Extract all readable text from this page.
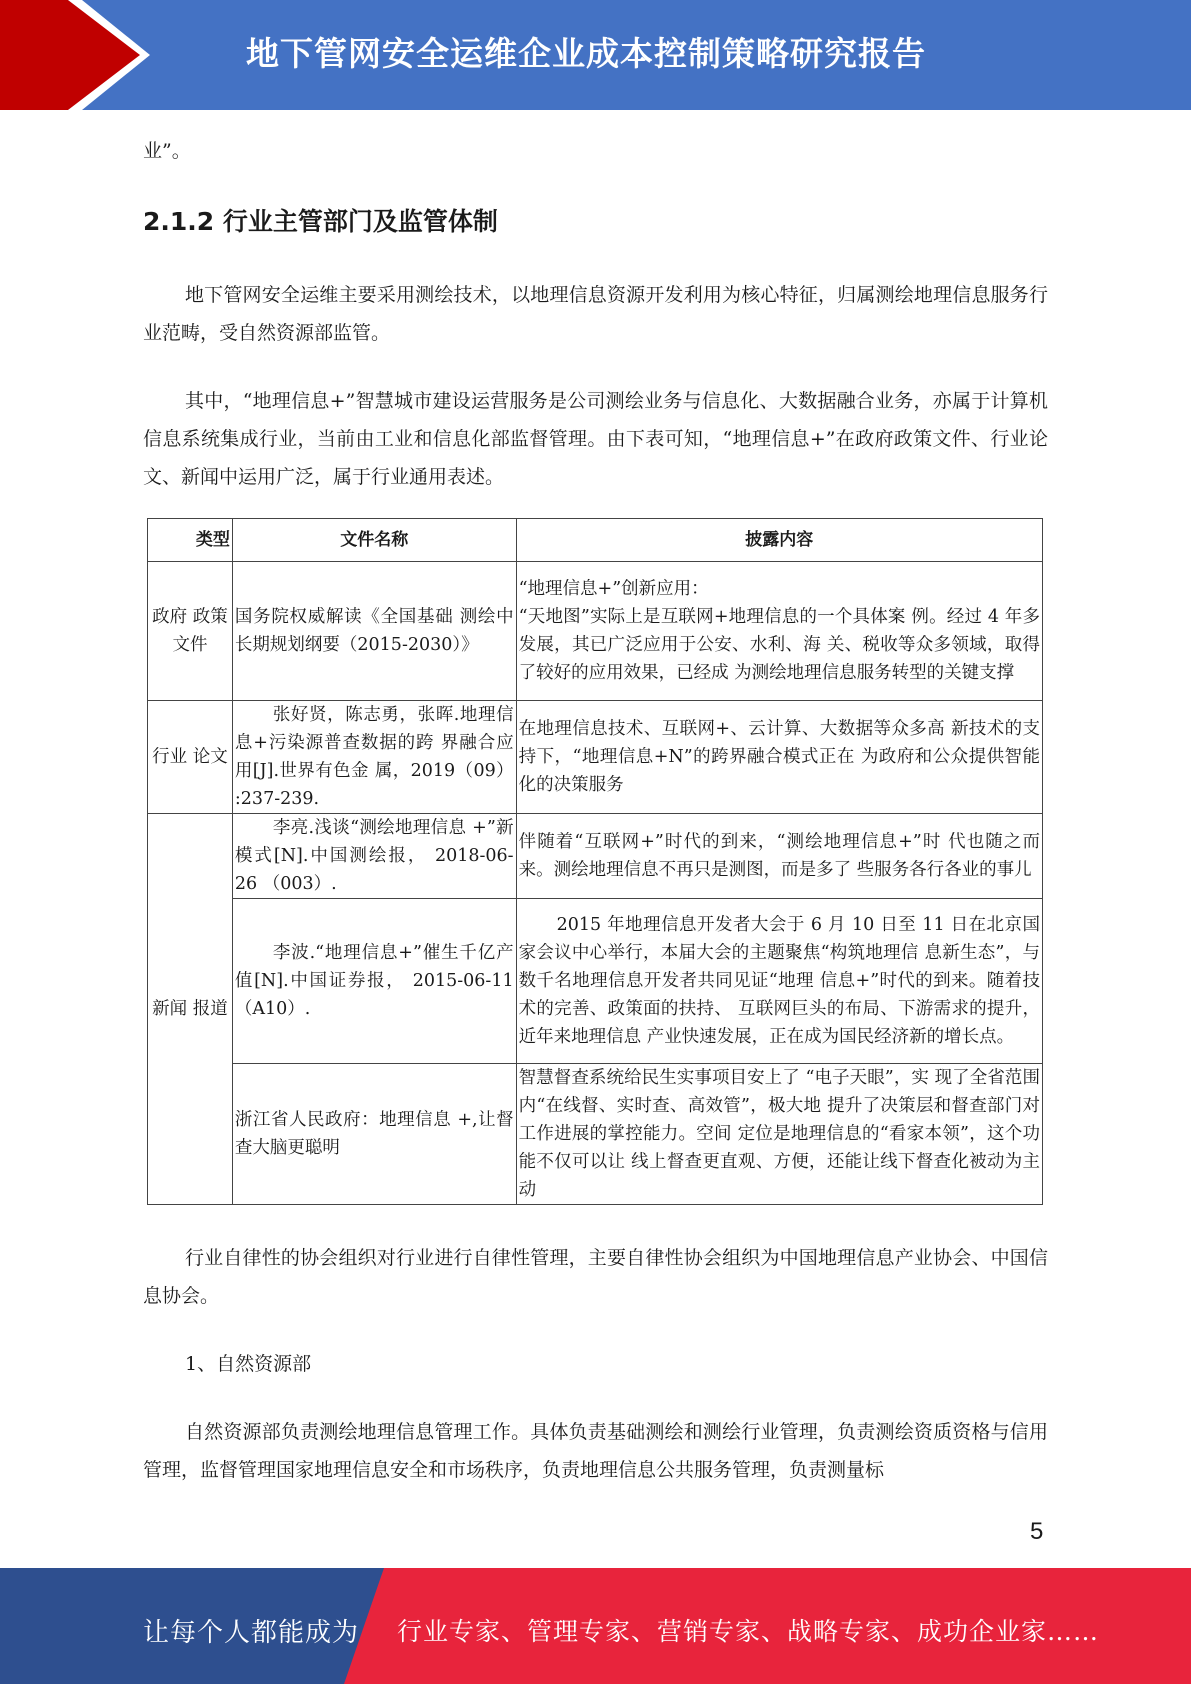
地下管网安全运维企业成本控制策略研究报告

业”。

2.1.2 行业主管部门及监管体制

地下管网安全运维主要采用测绘技术，以地理信息资源开发利用为核心特征，归属测绘地理信息服务行业范畴，受自然资源部监管。

其中，“地理信息+”智慧城市建设运营服务是公司测绘业务与信息化、大数据融合业务，亦属于计算机信息系统集成行业，当前由工业和信息化部监督管理。由下表可知，“地理信息+”在政府政策文件、行业论文、新闻中运用广泛，属于行业通用表述。

类型	文件名称	披露内容
政府 政策 文件	国务院权威解读《全国基础 测绘中长期规划纲要（2015-2030）》	“地理信息+”创新应用：
“天地图”实际上是互联网+地理信息的一个具体案 例。经过 4 年多发展，其已广泛应用于公安、水利、海 关、税收等众多领域，取得了较好的应用效果，已经成 为测绘地理信息服务转型的关键支撑

行业 论文	张好贤，陈志勇，张晖.地理信息+污染源普查数据的跨 界融合应用[J].世界有色金 属，2019（09） :237-239.	在地理信息技术、互联网+、云计算、大数据等众多高 新技术的支持下，“地理信息+N”的跨界融合模式正在 为政府和公众提供智能化的决策服务
新闻 报道	李亮.浅谈“测绘地理信息 +”新模式[N].中国测绘报， 2018-06-26 （003）.	伴随着“互联网+”时代的到来，“测绘地理信息+”时 代也随之而来。测绘地理信息不再只是测图，而是多了 些服务各行各业的事儿
	李波.“地理信息+”催生千亿产值[N].中国证券报， 2015-06-11（A10）.	2015 年地理信息开发者大会于 6 月 10 日至 11 日在北京国家会议中心举行，本届大会的主题聚焦“构筑地理信 息新生态”，与数千名地理信息开发者共同见证“地理 信息+”时代的到来。随着技术的完善、政策面的扶持、 互联网巨头的布局、下游需求的提升，近年来地理信息 产业快速发展，正在成为国民经济新的增长点。
	浙江省人民政府：地理信息 +,让督查大脑更聪明	智慧督查系统给民生实事项目安上了 “电子天眼”，实 现了全省范围内“在线督、实时查、高效管”，极大地 提升了决策层和督查部门对工作进展的掌控能力。空间 定位是地理信息的“看家本领”，这个功能不仅可以让 线上督查更直观、方便，还能让线下督查化被动为主动

行业自律性的协会组织对行业进行自律性管理，主要自律性协会组织为中国地理信息产业协会、中国信息协会。

1、自然资源部

自然资源部负责测绘地理信息管理工作。具体负责基础测绘和测绘行业管理，负责测绘资质资格与信用管理，监督管理国家地理信息安全和市场秩序，负责地理信息公共服务管理，负责测量标

5
让每个人都能成为 行业专家、管理专家、营销专家、战略专家、成功企业家……
